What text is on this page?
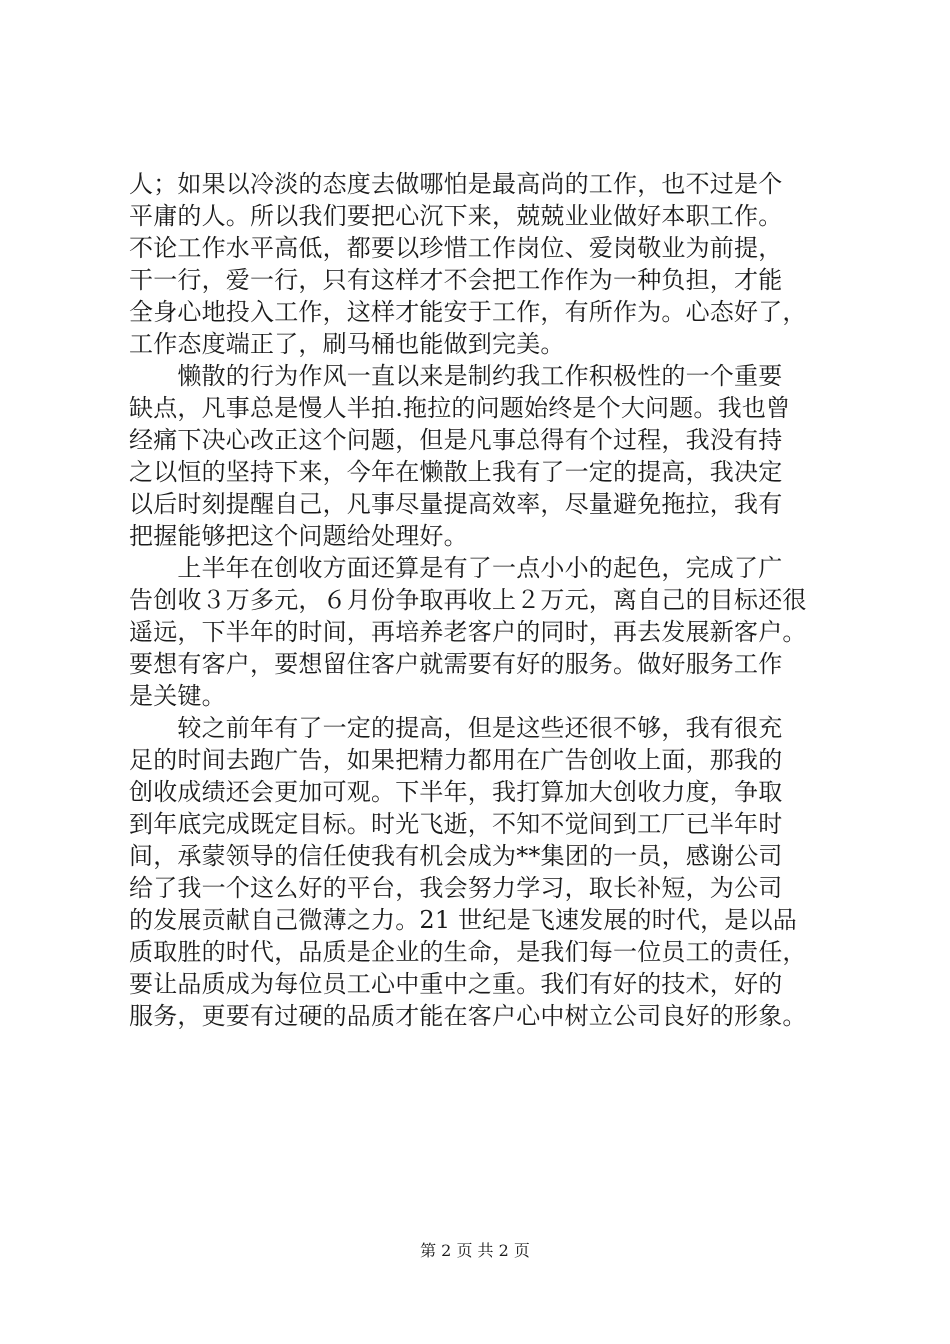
人；如果以冷淡的态度去做哪怕是最高尚的工作，也不过是个
平庸的人。所以我们要把心沉下来，兢兢业业做好本职工作。
不论工作水平高低，都要以珍惜工作岗位、爱岗敬业为前提，
干一行，爱一行，只有这样才不会把工作作为一种负担，才能
全身心地投入工作，这样才能安于工作，有所作为。心态好了，
工作态度端正了，刷马桶也能做到完美。
　　懒散的行为作风一直以来是制约我工作积极性的一个重要
缺点，凡事总是慢人半拍.拖拉的问题始终是个大问题。我也曾
经痛下决心改正这个问题，但是凡事总得有个过程，我没有持
之以恒的坚持下来，今年在懒散上我有了一定的提高，我决定
以后时刻提醒自己，凡事尽量提高效率，尽量避免拖拉，我有
把握能够把这个问题给处理好。
　　上半年在创收方面还算是有了一点小小的起色，完成了广
告创收３万多元，６月份争取再收上２万元，离自己的目标还很
遥远，下半年的时间，再培养老客户的同时，再去发展新客户。
要想有客户，要想留住客户就需要有好的服务。做好服务工作
是关键。
　　较之前年有了一定的提高，但是这些还很不够，我有很充
足的时间去跑广告，如果把精力都用在广告创收上面，那我的
创收成绩还会更加可观。下半年，我打算加大创收力度，争取
到年底完成既定目标。时光飞逝，不知不觉间到工厂已半年时
间，承蒙领导的信任使我有机会成为**集团的一员，感谢公司
给了我一个这么好的平台，我会努力学习，取长补短，为公司
的发展贡献自己微薄之力。21 世纪是飞速发展的时代，是以品
质取胜的时代，品质是企业的生命，是我们每一位员工的责任，
要让品质成为每位员工心中重中之重。我们有好的技术，好的
服务，更要有过硬的品质才能在客户心中树立公司良好的形象。
第 2 页 共 2 页
